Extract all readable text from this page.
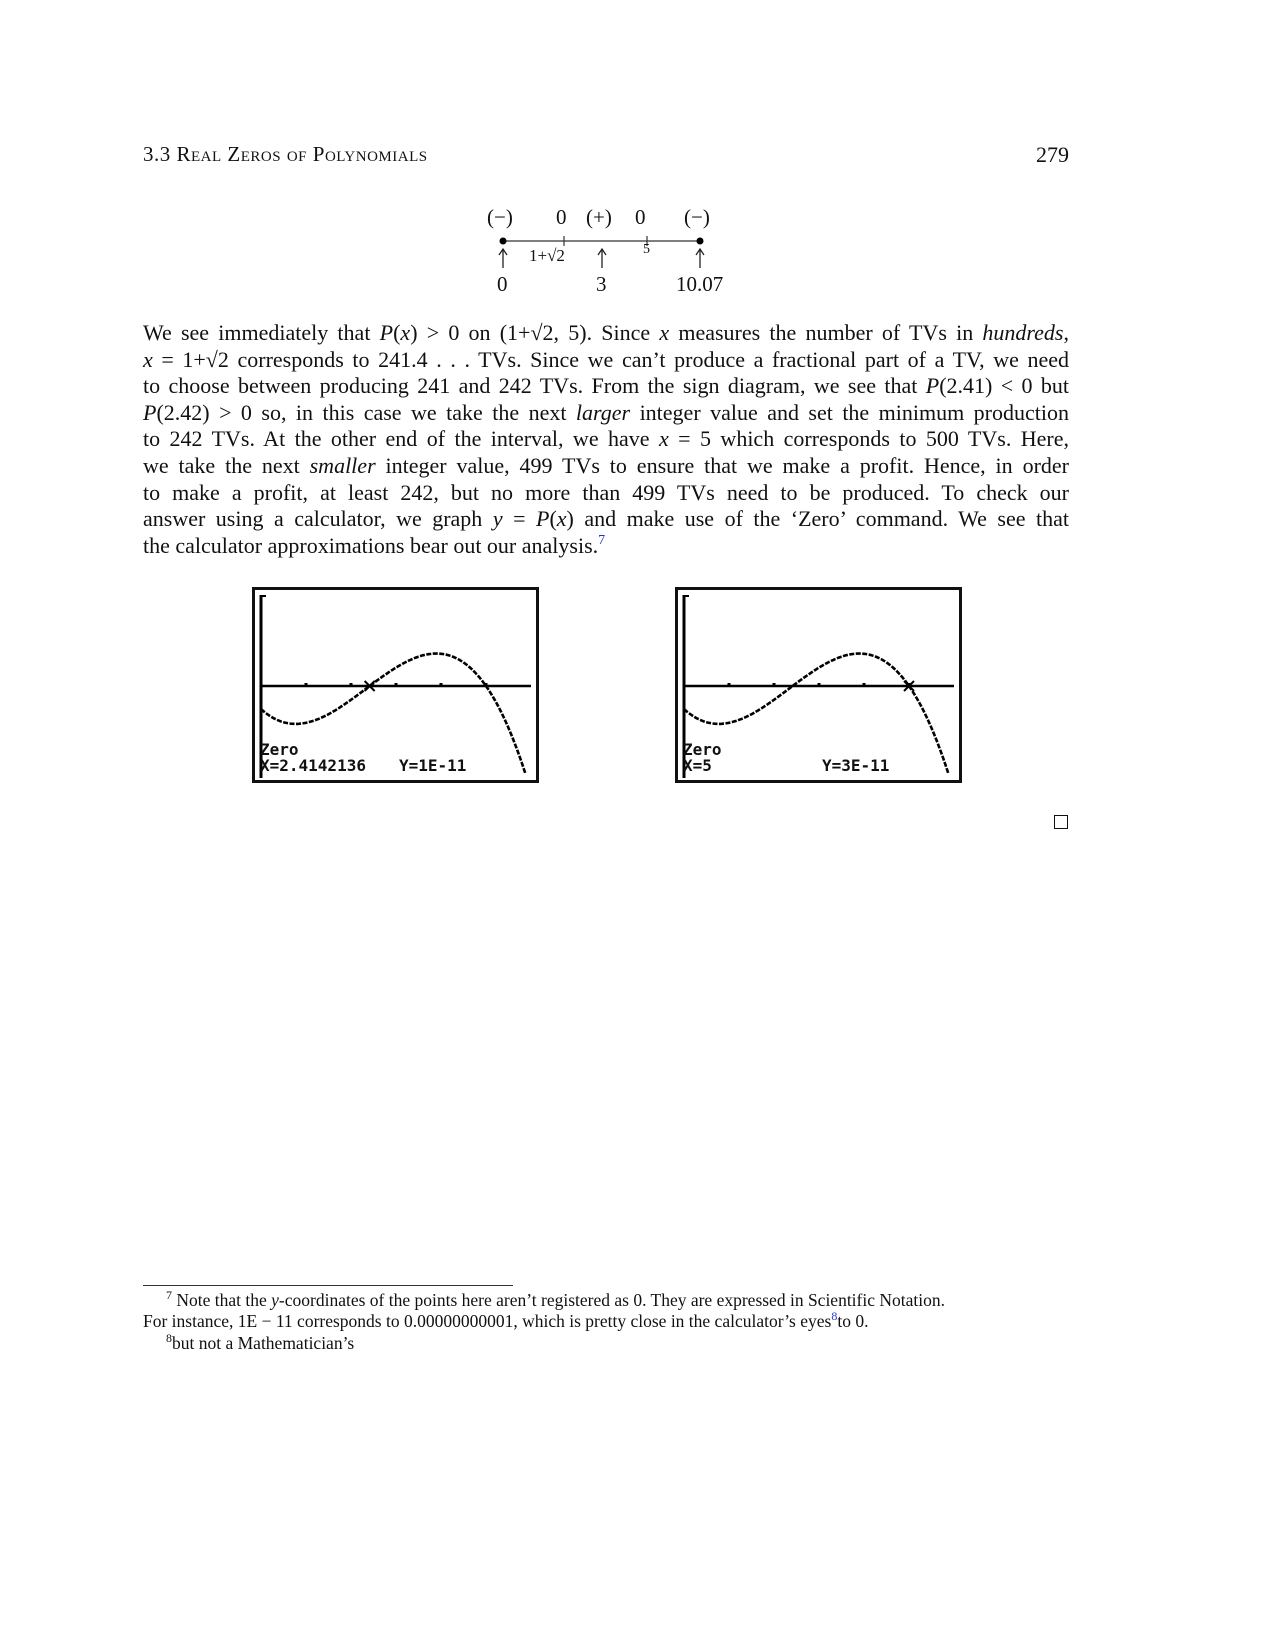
3.3 Real Zeros of Polynomials	279
(−) 0 (+) 0 (−)
1+√2	5
0	3	10.07
We see immediately that P(x) > 0 on (1+√2, 5). Since x measures the number of TVs in hundreds,
x = 1+√2 corresponds to 241.4 . . . TVs. Since we can’t produce a fractional part of a TV, we need
to choose between producing 241 and 242 TVs. From the sign diagram, we see that P(2.41) < 0 but
P(2.42) > 0 so, in this case we take the next larger integer value and set the minimum production
to 242 TVs. At the other end of the interval, we have x = 5 which corresponds to 500 TVs. Here,
we take the next smaller integer value, 499 TVs to ensure that we make a profit. Hence, in order
to make a profit, at least 242, but no more than 499 TVs need to be produced. To check our
answer using a calculator, we graph y = P(x) and make use of the ‘Zero’ command. We see that
the calculator approximations bear out our analysis.$^7$
Zero
X=2.4142136 Y=1E-11
Zero
X=5	Y=3E-11
$^7$ Note that the y-coordinates of the points here aren’t registered as 0. They are expressed in Scientific Notation.
For instance, 1E − 11 corresponds to 0.00000000001, which is pretty close in the calculator’s eyes$^8$to 0.
$^8$but not a Mathematician’s
